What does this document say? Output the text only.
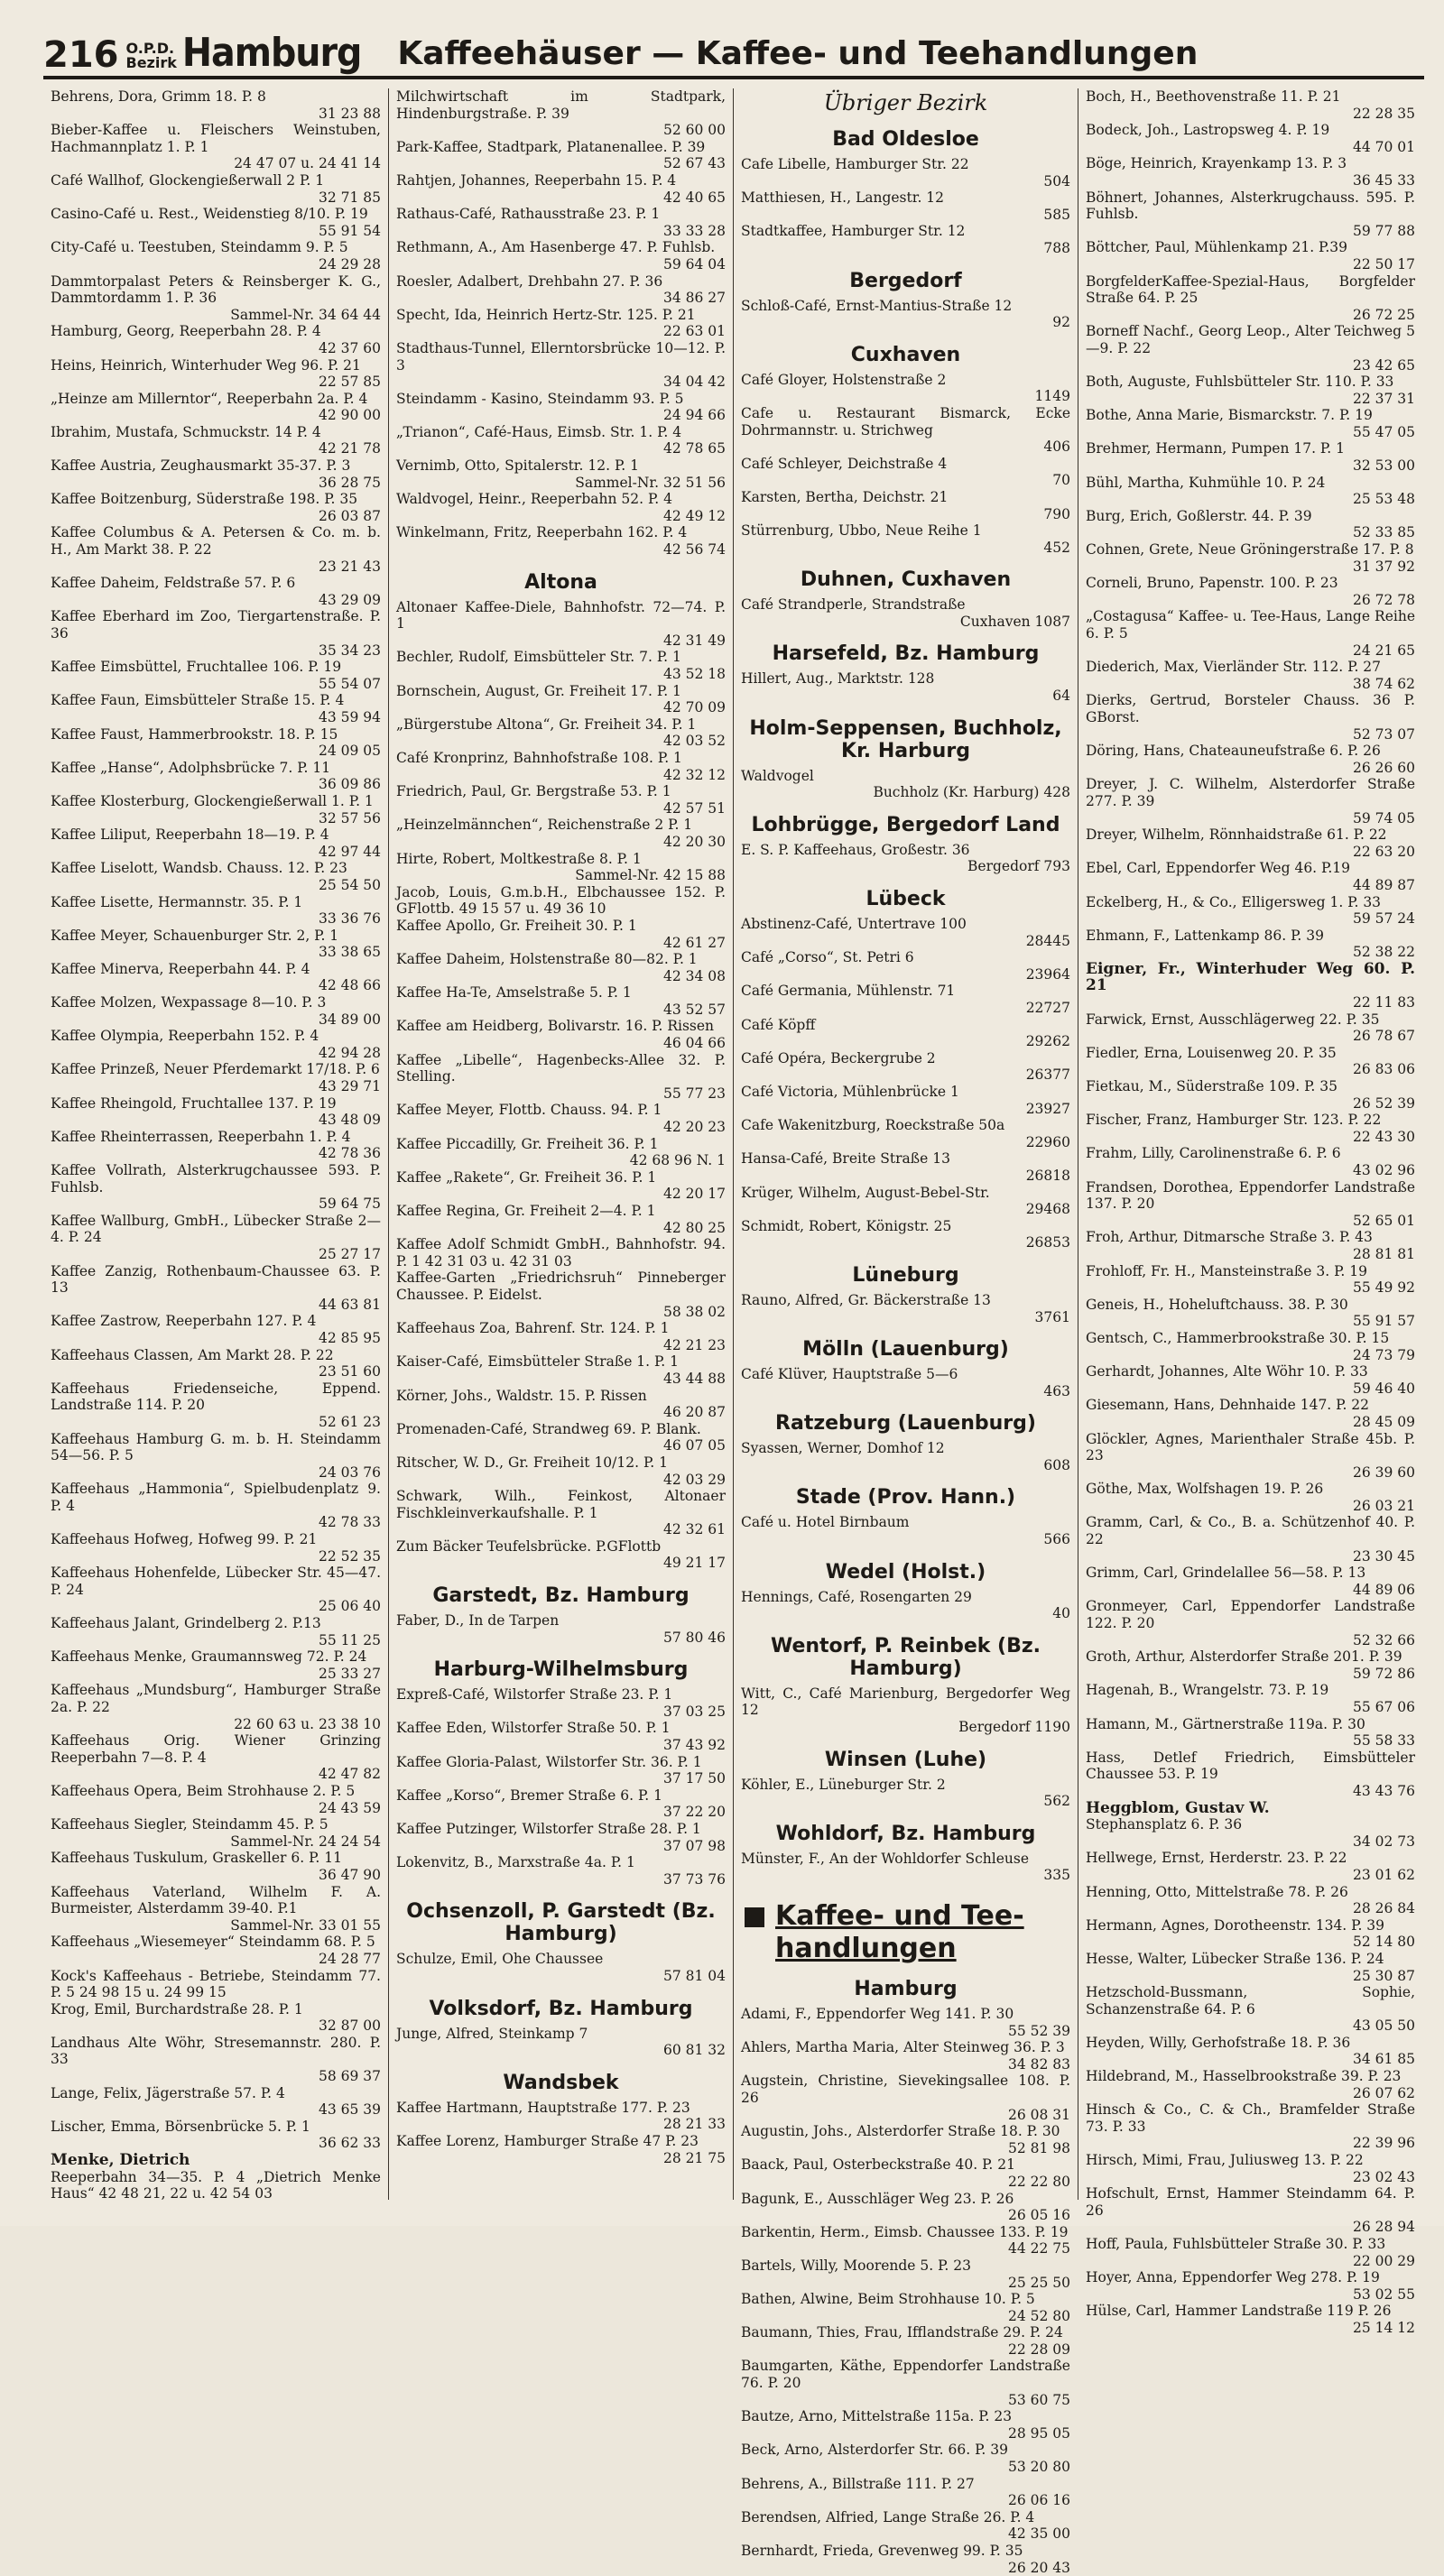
216 O.P.D.
Bezirk Hamburg Kaffeehäuser — Kaffee- und Teehandlungen
Behrens, Dora, Grimm 18. P. 8
31 23 88
Bieber-Kaffee u. Fleischers Weinstuben, Hachmannplatz 1. P. 1
24 47 07 u. 24 41 14
Café Wallhof, Glockengießerwall 2 P. 1
32 71 85
Casino-Café u. Rest., Weidenstieg 8/10. P. 19
55 91 54
City-Café u. Teestuben, Steindamm 9. P. 5
24 29 28
Dammtorpalast Peters & Reinsberger K. G., Dammtordamm 1. P. 36
Sammel-Nr. 34 64 44
Hamburg, Georg, Reeperbahn 28. P. 4
42 37 60
Heins, Heinrich, Winterhuder Weg 96. P. 21
22 57 85
„Heinze am Millerntor“, Reeperbahn 2a. P. 4
42 90 00
Ibrahim, Mustafa, Schmuckstr. 14 P. 4
42 21 78
Kaffee Austria, Zeughausmarkt 35-37. P. 3
36 28 75
Kaffee Boitzenburg, Süderstraße 198. P. 35
26 03 87
Kaffee Columbus & A. Petersen & Co. m. b. H., Am Markt 38. P. 22
23 21 43
Kaffee Daheim, Feldstraße 57. P. 6
43 29 09
Kaffee Eberhard im Zoo, Tiergartenstraße. P. 36
35 34 23
Kaffee Eimsbüttel, Fruchtallee 106. P. 19
55 54 07
Kaffee Faun, Eimsbütteler Straße 15. P. 4
43 59 94
Kaffee Faust, Hammerbrookstr. 18. P. 15
24 09 05
Kaffee „Hanse“, Adolphsbrücke 7. P. 11
36 09 86
Kaffee Klosterburg, Glockengießerwall 1. P. 1
32 57 56
Kaffee Liliput, Reeperbahn 18—19. P. 4
42 97 44
Kaffee Liselott, Wandsb. Chauss. 12. P. 23
25 54 50
Kaffee Lisette, Hermannstr. 35. P. 1
33 36 76
Kaffee Meyer, Schauenburger Str. 2, P. 1
33 38 65
Kaffee Minerva, Reeperbahn 44. P. 4
42 48 66
Kaffee Molzen, Wexpassage 8—10. P. 3
34 89 00
Kaffee Olympia, Reeperbahn 152. P. 4
42 94 28
Kaffee Prinzeß, Neuer Pferdemarkt 17/18. P. 6
43 29 71
Kaffee Rheingold, Fruchtallee 137. P. 19
43 48 09
Kaffee Rheinterrassen, Reeperbahn 1. P. 4
42 78 36
Kaffee Vollrath, Alsterkrugchaussee 593. P. Fuhlsb.
59 64 75
Kaffee Wallburg, GmbH., Lübecker Straße 2—4. P. 24
25 27 17
Kaffee Zanzig, Rothenbaum-Chaussee 63. P. 13
44 63 81
Kaffee Zastrow, Reeperbahn 127. P. 4
42 85 95
Kaffeehaus Classen, Am Markt 28. P. 22
23 51 60
Kaffeehaus Friedenseiche, Eppend. Landstraße 114. P. 20
52 61 23
Kaffeehaus Hamburg G. m. b. H. Steindamm 54—56. P. 5
24 03 76
Kaffeehaus „Hammonia“, Spielbudenplatz 9. P. 4
42 78 33
Kaffeehaus Hofweg, Hofweg 99. P. 21
22 52 35
Kaffeehaus Hohenfelde, Lübecker Str. 45—47. P. 24
25 06 40
Kaffeehaus Jalant, Grindelberg 2. P.13
55 11 25
Kaffeehaus Menke, Graumannsweg 72. P. 24
25 33 27
Kaffeehaus „Mundsburg“, Hamburger Straße 2a. P. 22
22 60 63 u. 23 38 10
Kaffeehaus Orig. Wiener Grinzing Reeperbahn 7—8. P. 4
42 47 82
Kaffeehaus Opera, Beim Strohhause 2. P. 5
24 43 59
Kaffeehaus Siegler, Steindamm 45. P. 5
Sammel-Nr. 24 24 54
Kaffeehaus Tuskulum, Graskeller 6. P. 11
36 47 90
Kaffeehaus Vaterland, Wilhelm F. A. Burmeister, Alsterdamm 39-40. P.1
Sammel-Nr. 33 01 55
Kaffeehaus „Wiesemeyer“ Steindamm 68. P. 5
24 28 77
Kock's Kaffeehaus - Betriebe, Steindamm 77. P. 5 24 98 15 u. 24 99 15
Krog, Emil, Burchardstraße 28. P. 1
32 87 00
Landhaus Alte Wöhr, Stresemannstr. 280. P. 33
58 69 37
Lange, Felix, Jägerstraße 57. P. 4
43 65 39
Lischer, Emma, Börsenbrücke 5. P. 1
36 62 33
Menke, Dietrich
Reeperbahn 34—35. P. 4 „Dietrich Menke Haus“ 42 48 21, 22 u. 42 54 03
Milchwirtschaft im Stadtpark, Hindenburgstraße. P. 39
52 60 00
Park-Kaffee, Stadtpark, Platanenallee. P. 39
52 67 43
Rahtjen, Johannes, Reeperbahn 15. P. 4
42 40 65
Rathaus-Café, Rathausstraße 23. P. 1
33 33 28
Rethmann, A., Am Hasenberge 47. P. Fuhlsb.
59 64 04
Roesler, Adalbert, Drehbahn 27. P. 36
34 86 27
Specht, Ida, Heinrich Hertz-Str. 125. P. 21
22 63 01
Stadthaus-Tunnel, Ellerntorsbrücke 10—12. P. 3
34 04 42
Steindamm - Kasino, Steindamm 93. P. 5
24 94 66
„Trianon“, Café-Haus, Eimsb. Str. 1. P. 4
42 78 65
Vernimb, Otto, Spitalerstr. 12. P. 1
Sammel-Nr. 32 51 56
Waldvogel, Heinr., Reeperbahn 52. P. 4
42 49 12
Winkelmann, Fritz, Reeperbahn 162. P. 4
42 56 74
Altona
Altonaer Kaffee-Diele, Bahnhofstr. 72—74. P. 1
42 31 49
Bechler, Rudolf, Eimsbütteler Str. 7. P. 1
43 52 18
Bornschein, August, Gr. Freiheit 17. P. 1
42 70 09
„Bürgerstube Altona“, Gr. Freiheit 34. P. 1
42 03 52
Café Kronprinz, Bahnhofstraße 108. P. 1
42 32 12
Friedrich, Paul, Gr. Bergstraße 53. P. 1
42 57 51
„Heinzelmännchen“, Reichenstraße 2 P. 1
42 20 30
Hirte, Robert, Moltkestraße 8. P. 1
Sammel-Nr. 42 15 88
Jacob, Louis, G.m.b.H., Elbchaussee 152. P. GFlottb. 49 15 57 u. 49 36 10
Kaffee Apollo, Gr. Freiheit 30. P. 1
42 61 27
Kaffee Daheim, Holstenstraße 80—82. P. 1
42 34 08
Kaffee Ha-Te, Amselstraße 5. P. 1
43 52 57
Kaffee am Heidberg, Bolivarstr. 16. P. Rissen
46 04 66
Kaffee „Libelle“, Hagenbecks-Allee 32. P. Stelling.
55 77 23
Kaffee Meyer, Flottb. Chauss. 94. P. 1
42 20 23
Kaffee Piccadilly, Gr. Freiheit 36. P. 1
42 68 96 N. 1
Kaffee „Rakete“, Gr. Freiheit 36. P. 1
42 20 17
Kaffee Regina, Gr. Freiheit 2—4. P. 1
42 80 25
Kaffee Adolf Schmidt GmbH., Bahnhofstr. 94. P. 1 42 31 03 u. 42 31 03
Kaffee-Garten „Friedrichsruh“ Pinneberger Chaussee. P. Eidelst.
58 38 02
Kaffeehaus Zoa, Bahrenf. Str. 124. P. 1
42 21 23
Kaiser-Café, Eimsbütteler Straße 1. P. 1
43 44 88
Körner, Johs., Waldstr. 15. P. Rissen
46 20 87
Promenaden-Café, Strandweg 69. P. Blank.
46 07 05
Ritscher, W. D., Gr. Freiheit 10/12. P. 1
42 03 29
Schwark, Wilh., Feinkost, Altonaer Fischkleinverkaufshalle. P. 1
42 32 61
Zum Bäcker Teufelsbrücke. P.GFlottb
49 21 17
Garstedt, Bz. Hamburg
Faber, D., In de Tarpen
57 80 46
Harburg-Wilhelmsburg
Expreß-Café, Wilstorfer Straße 23. P. 1
37 03 25
Kaffee Eden, Wilstorfer Straße 50. P. 1
37 43 92
Kaffee Gloria-Palast, Wilstorfer Str. 36. P. 1
37 17 50
Kaffee „Korso“, Bremer Straße 6. P. 1
37 22 20
Kaffee Putzinger, Wilstorfer Straße 28. P. 1
37 07 98
Lokenvitz, B., Marxstraße 4a. P. 1
37 73 76
Ochsenzoll, P. Garstedt (Bz. Hamburg)
Schulze, Emil, Ohe Chaussee
57 81 04
Volksdorf, Bz. Hamburg
Junge, Alfred, Steinkamp 7
60 81 32
Wandsbek
Kaffee Hartmann, Hauptstraße 177. P. 23
28 21 33
Kaffee Lorenz, Hamburger Straße 47 P. 23
28 21 75
Übriger Bezirk
Bad Oldesloe
Cafe Libelle, Hamburger Str. 22
504
Matthiesen, H., Langestr. 12
585
Stadtkaffee, Hamburger Str. 12
788
Bergedorf
Schloß-Café, Ernst-Mantius-Straße 12
92
Cuxhaven
Café Gloyer, Holstenstraße 2
1149
Cafe u. Restaurant Bismarck, Ecke Dohrmannstr. u. Strichweg
406
Café Schleyer, Deichstraße 4
70
Karsten, Bertha, Deichstr. 21
790
Stürrenburg, Ubbo, Neue Reihe 1
452
Duhnen, Cuxhaven
Café Strandperle, Strandstraße
Cuxhaven 1087
Harsefeld, Bz. Hamburg
Hillert, Aug., Marktstr. 128
64
Holm-Seppensen, Buchholz, Kr. Harburg
Waldvogel
Buchholz (Kr. Harburg) 428
Lohbrügge, Bergedorf Land
E. S. P. Kaffeehaus, Großestr. 36
Bergedorf 793
Lübeck
Abstinenz-Café, Untertrave 100
28445
Café „Corso“, St. Petri 6
23964
Café Germania, Mühlenstr. 71
22727
Café Köpff
29262
Café Opéra, Beckergrube 2
26377
Café Victoria, Mühlenbrücke 1
23927
Cafe Wakenitzburg, Roeckstraße 50a
22960
Hansa-Café, Breite Straße 13
26818
Krüger, Wilhelm, August-Bebel-Str.
29468
Schmidt, Robert, Königstr. 25
26853
Lüneburg
Rauno, Alfred, Gr. Bäckerstraße 13
3761
Mölln (Lauenburg)
Café Klüver, Hauptstraße 5—6
463
Ratzeburg (Lauenburg)
Syassen, Werner, Domhof 12
608
Stade (Prov. Hann.)
Café u. Hotel Birnbaum
566
Wedel (Holst.)
Hennings, Café, Rosengarten 29
40
Wentorf, P. Reinbek (Bz. Hamburg)
Witt, C., Café Marienburg, Bergedorfer Weg 12
Bergedorf 1190
Winsen (Luhe)
Köhler, E., Lüneburger Str. 2
562
Wohldorf, Bz. Hamburg
Münster, F., An der Wohldorfer Schleuse
335
Kaffee- und Tee-
handlungen
Hamburg
Adami, F., Eppendorfer Weg 141. P. 30
55 52 39
Ahlers, Martha Maria, Alter Steinweg 36. P. 3
34 82 83
Augstein, Christine, Sievekingsallee 108. P. 26
26 08 31
Augustin, Johs., Alsterdorfer Straße 18. P. 30
52 81 98
Baack, Paul, Osterbeckstraße 40. P. 21
22 22 80
Bagunk, E., Ausschläger Weg 23. P. 26
26 05 16
Barkentin, Herm., Eimsb. Chaussee 133. P. 19
44 22 75
Bartels, Willy, Moorende 5. P. 23
25 25 50
Bathen, Alwine, Beim Strohhause 10. P. 5
24 52 80
Baumann, Thies, Frau, Ifflandstraße 29. P. 24
22 28 09
Baumgarten, Käthe, Eppendorfer Landstraße 76. P. 20
53 60 75
Bautze, Arno, Mittelstraße 115a. P. 23
28 95 05
Beck, Arno, Alsterdorfer Str. 66. P. 39
53 20 80
Behrens, A., Billstraße 111. P. 27
26 06 16
Berendsen, Alfried, Lange Straße 26. P. 4
42 35 00
Bernhardt, Frieda, Grevenweg 99. P. 35
26 20 43
Boch, H., Beethovenstraße 11. P. 21
22 28 35
Bodeck, Joh., Lastropsweg 4. P. 19
44 70 01
Böge, Heinrich, Krayenkamp 13. P. 3
36 45 33
Böhnert, Johannes, Alsterkrugchauss. 595. P. Fuhlsb.
59 77 88
Böttcher, Paul, Mühlenkamp 21. P.39
22 50 17
BorgfelderKaffee-Spezial-Haus, Borgfelder Straße 64. P. 25
26 72 25
Borneff Nachf., Georg Leop., Alter Teichweg 5—9. P. 22
23 42 65
Both, Auguste, Fuhlsbütteler Str. 110. P. 33
22 37 31
Bothe, Anna Marie, Bismarckstr. 7. P. 19
55 47 05
Brehmer, Hermann, Pumpen 17. P. 1
32 53 00
Bühl, Martha, Kuhmühle 10. P. 24
25 53 48
Burg, Erich, Goßlerstr. 44. P. 39
52 33 85
Cohnen, Grete, Neue Gröningerstraße 17. P. 8
31 37 92
Corneli, Bruno, Papenstr. 100. P. 23
26 72 78
„Costagusa“ Kaffee- u. Tee-Haus, Lange Reihe 6. P. 5
24 21 65
Diederich, Max, Vierländer Str. 112. P. 27
38 74 62
Dierks, Gertrud, Borsteler Chauss. 36 P. GBorst.
52 73 07
Döring, Hans, Chateauneufstraße 6. P. 26
26 26 60
Dreyer, J. C. Wilhelm, Alsterdorfer Straße 277. P. 39
59 74 05
Dreyer, Wilhelm, Rönnhaidstraße 61. P. 22
22 63 20
Ebel, Carl, Eppendorfer Weg 46. P.19
44 89 87
Eckelberg, H., & Co., Elligersweg 1. P. 33
59 57 24
Ehmann, F., Lattenkamp 86. P. 39
52 38 22
Eigner, Fr., Winterhuder Weg 60. P. 21
22 11 83
Farwick, Ernst, Ausschlägerweg 22. P. 35
26 78 67
Fiedler, Erna, Louisenweg 20. P. 35
26 83 06
Fietkau, M., Süderstraße 109. P. 35
26 52 39
Fischer, Franz, Hamburger Str. 123. P. 22
22 43 30
Frahm, Lilly, Carolinenstraße 6. P. 6
43 02 96
Frandsen, Dorothea, Eppendorfer Landstraße 137. P. 20
52 65 01
Froh, Arthur, Ditmarsche Straße 3. P. 43
28 81 81
Frohloff, Fr. H., Mansteinstraße 3. P. 19
55 49 92
Geneis, H., Hoheluftchauss. 38. P. 30
55 91 57
Gentsch, C., Hammerbrookstraße 30. P. 15
24 73 79
Gerhardt, Johannes, Alte Wöhr 10. P. 33
59 46 40
Giesemann, Hans, Dehnhaide 147. P. 22
28 45 09
Glöckler, Agnes, Marienthaler Straße 45b. P. 23
26 39 60
Göthe, Max, Wolfshagen 19. P. 26
26 03 21
Gramm, Carl, & Co., B. a. Schützenhof 40. P. 22
23 30 45
Grimm, Carl, Grindelallee 56—58. P. 13
44 89 06
Gronmeyer, Carl, Eppendorfer Landstraße 122. P. 20
52 32 66
Groth, Arthur, Alsterdorfer Straße 201. P. 39
59 72 86
Hagenah, B., Wrangelstr. 73. P. 19
55 67 06
Hamann, M., Gärtnerstraße 119a. P. 30
55 58 33
Hass, Detlef Friedrich, Eimsbütteler Chaussee 53. P. 19
43 43 76
Heggblom, Gustav W.
Stephansplatz 6. P. 36
34 02 73
Hellwege, Ernst, Herderstr. 23. P. 22
23 01 62
Henning, Otto, Mittelstraße 78. P. 26
28 26 84
Hermann, Agnes, Dorotheenstr. 134. P. 39
52 14 80
Hesse, Walter, Lübecker Straße 136. P. 24
25 30 87
Hetzschold-Bussmann, Sophie, Schanzenstraße 64. P. 6
43 05 50
Heyden, Willy, Gerhofstraße 18. P. 36
34 61 85
Hildebrand, M., Hasselbrookstraße 39. P. 23
26 07 62
Hinsch & Co., C. & Ch., Bramfelder Straße 73. P. 33
22 39 96
Hirsch, Mimi, Frau, Juliusweg 13. P. 22
23 02 43
Hofschult, Ernst, Hammer Steindamm 64. P. 26
26 28 94
Hoff, Paula, Fuhlsbütteler Straße 30. P. 33
22 00 29
Hoyer, Anna, Eppendorfer Weg 278. P. 19
53 02 55
Hülse, Carl, Hammer Landstraße 119 P. 26
25 14 12
